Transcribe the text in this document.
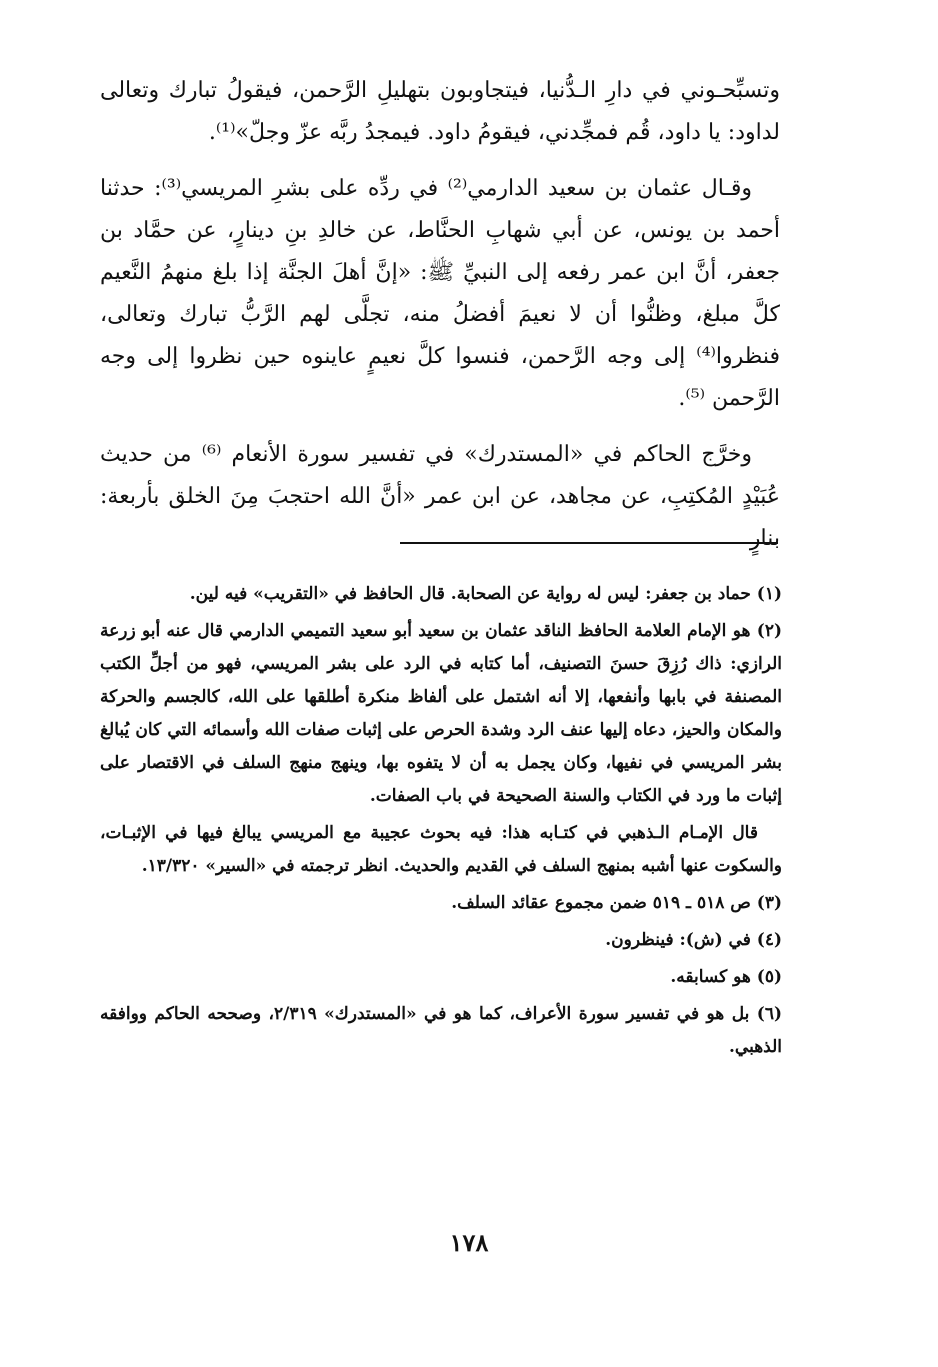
وتسبِّحـوني في دارِ الـدُّنيا، فيتجاوبون بتهليلِ الرَّحمن، فيقولُ تبارك وتعالى لداود: يا داود، قُم فمجِّدني، فيقومُ داود. فيمجدُ ربَّه عزّ وجلّ»⁽¹⁾.

وقـال عثمان بن سعيد الدارمي⁽²⁾ في ردِّه على بشرِ المريسي⁽³⁾: حدثنا أحمد بن يونس، عن أبي شهابِ الحنَّاط، عن خالدِ بنِ دينارٍ، عن حمَّاد بن جعفر، أنَّ ابن عمر رفعه إلى النبيِّ ﷺ: «إنَّ أهلَ الجنَّة إذا بلغ منهمُ النَّعيم كلَّ مبلغ، وظنُّوا أن لا نعيمَ أفضلُ منه، تجلَّى لهم الرَّبُّ تبارك وتعالى، فنظروا⁽⁴⁾ إلى وجه الرَّحمن، فنسوا كلَّ نعيمٍ عاينوه حين نظروا إلى وجه الرَّحمن ⁽⁵⁾.

وخرَّج الحاكم في «المستدرك» في تفسير سورة الأنعام ⁽⁶⁾ من حديث عُبَيْدٍ المُكتِبِ، عن مجاهد، عن ابن عمر «أنَّ الله احتجبَ مِنَ الخلق بأربعة: بنارٍ

(١) حماد بن جعفر: ليس له رواية عن الصحابة. قال الحافظ في «التقريب» فيه لين.

(٢) هو الإمام العلامة الحافظ الناقد عثمان بن سعيد أبو سعيد التميمي الدارمي قال عنه أبو زرعة الرازي: ذاك رُزِقَ حسنَ التصنيف، أما كتابه في الرد على بشر المريسي، فهو من أجلِّ الكتب المصنفة في بابها وأنفعها، إلا أنه اشتمل على ألفاظ منكرة أطلقها على الله، كالجسم والحركة والمكان والحيز، دعاه إليها عنف الرد وشدة الحرص على إثبات صفات الله وأسمائه التي كان يُبالغ بشر المريسي في نفيها، وكان يجمل به أن لا يتفوه بها، وينهج منهج السلف في الاقتصار على إثبات ما ورد في الكتاب والسنة الصحيحة في باب الصفات.

قال الإمـام الـذهبي في كتـابه هذا: فيه بحوث عجيبة مع المريسي يبالغ فيها في الإثبـات، والسكوت عنها أشبه بمنهج السلف في القديم والحديث. انظر ترجمته في «السير» ١٣/٣٢٠.

(٣) ص ٥١٨ ـ ٥١٩ ضمن مجموع عقائد السلف.

(٤) في (ش): فينظرون.

(٥) هو كسابقه.

(٦) بل هو في تفسير سورة الأعراف، كما هو في «المستدرك» ٢/٣١٩، وصححه الحاكم ووافقه الذهبي.

١٧٨
